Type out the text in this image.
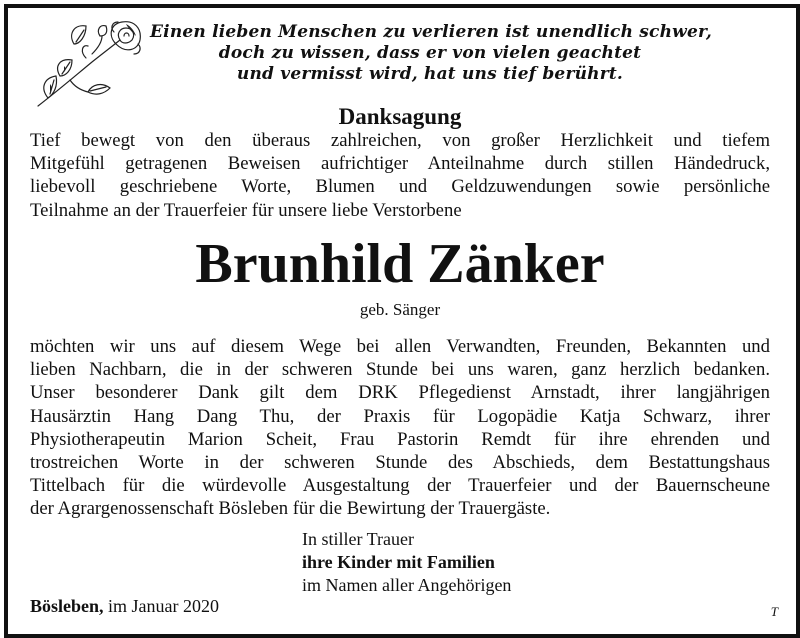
Einen lieben Menschen zu verlieren ist unendlich schwer,
doch zu wissen, dass er von vielen geachtet
und vermisst wird, hat uns tief berührt.
Danksagung
Tief bewegt von den überaus zahlreichen, von großer Herzlichkeit und tiefem
Mitgefühl getragenen Beweisen aufrichtiger Anteilnahme durch stillen Händedruck,
liebevoll geschriebene Worte, Blumen und Geldzuwendungen sowie persönliche
Teilnahme an der Trauerfeier für unsere liebe Verstorbene
Brunhild Zänker
geb. Sänger
möchten wir uns auf diesem Wege bei allen Verwandten, Freunden, Bekannten und
lieben Nachbarn, die in der schweren Stunde bei uns waren, ganz herzlich bedanken.
Unser besonderer Dank gilt dem DRK Pflegedienst Arnstadt, ihrer langjährigen
Hausärztin Hang Dang Thu, der Praxis für Logopädie Katja Schwarz, ihrer
Physiotherapeutin Marion Scheit, Frau Pastorin Remdt für ihre ehrenden und
trostreichen Worte in der schweren Stunde des Abschieds, dem Bestattungshaus
Tittelbach für die würdevolle Ausgestaltung der Trauerfeier und der Bauernscheune
der Agrargenossenschaft Bösleben für die Bewirtung der Trauergäste.
In stiller Trauer
ihre Kinder mit Familien
im Namen aller Angehörigen
Bösleben, im Januar 2020	T
